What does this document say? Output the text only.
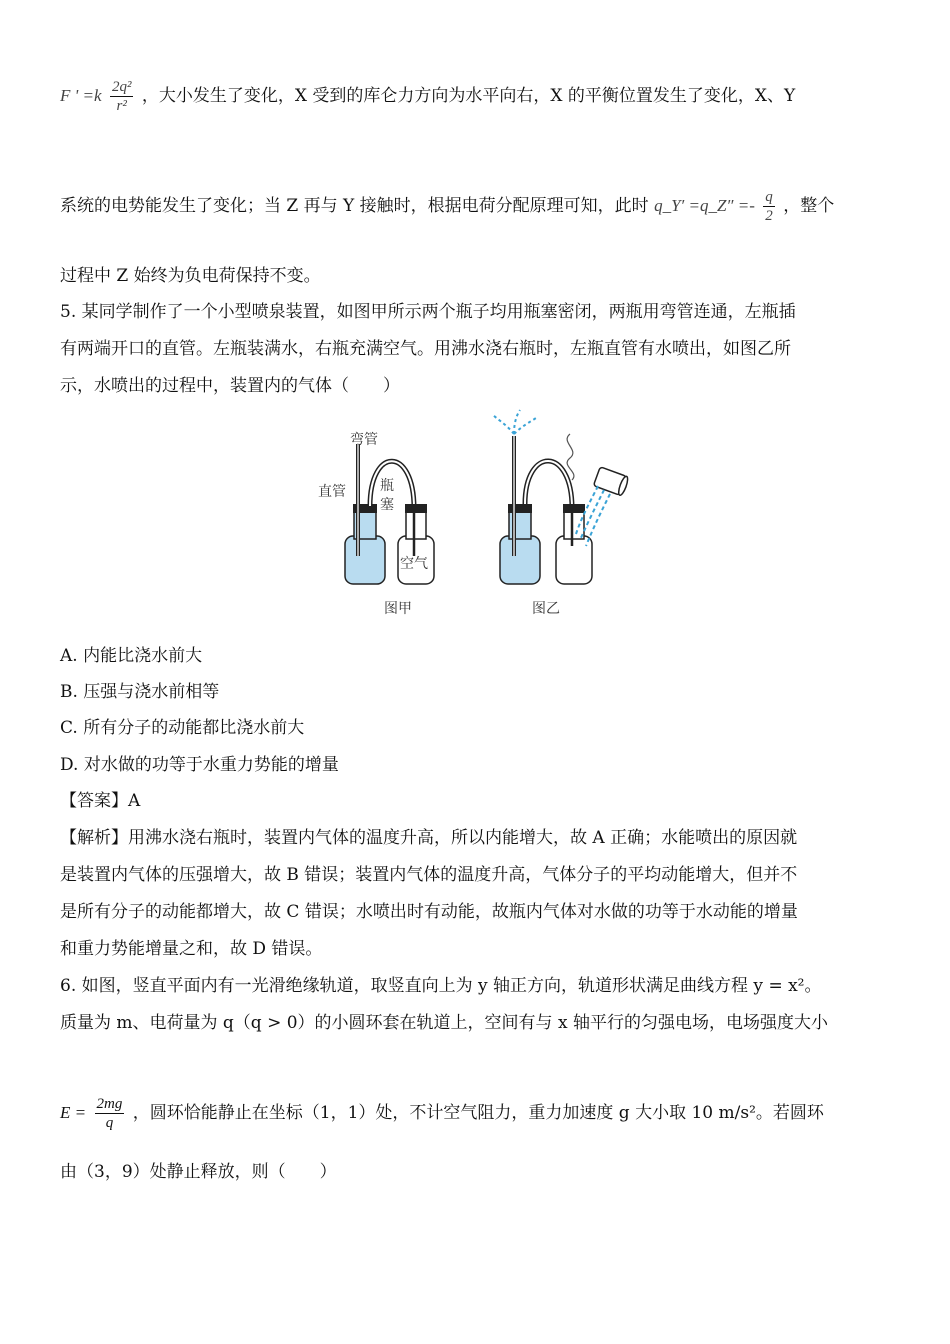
F ' $=k \frac{\text{2q²}}{\text{r²}}$ ，大小发生了变化，X 受到的库仑力方向为水平向右，X 的平衡位置发生了变化，X、Y
系统的电势能发生了变化；当 Z 再与 Y 接触时，根据电荷分配原理可知，此时 q_Y′ =q_Z″ =- $\frac{q}{2}$ ，整个
过程中 Z 始终为负电荷保持不变。
5. 某同学制作了一个小型喷泉装置，如图甲所示两个瓶子均用瓶塞密闭，两瓶用弯管连通，左瓶插
有两端开口的直管。左瓶装满水，右瓶充满空气。用沸水浇右瓶时，左瓶直管有水喷出，如图乙所
示，水喷出的过程中，装置内的气体（　　）
弯管
直管 瓶
塞
空气
图甲	图乙
A. 内能比浇水前大
B. 压强与浇水前相等
C. 所有分子的动能都比浇水前大
D. 对水做的功等于水重力势能的增量
【答案】A
【解析】用沸水浇右瓶时，装置内气体的温度升高，所以内能增大，故 A 正确；水能喷出的原因就
是装置内气体的压强增大，故 B 错误；装置内气体的温度升高，气体分子的平均动能增大，但并不
是所有分子的动能都增大，故 C 错误；水喷出时有动能，故瓶内气体对水做的功等于水动能的增量
和重力势能增量之和，故 D 错误。
6. 如图，竖直平面内有一光滑绝缘轨道，取竖直向上为 y 轴正方向，轨道形状满足曲线方程 y = x²。
质量为 m、电荷量为 q（q > 0）的小圆环套在轨道上，空间有与 x 轴平行的匀强电场，电场强度大小
$E = \frac{2mg}{q}$ ，圆环恰能静止在坐标（1，1）处，不计空气阻力，重力加速度 g 大小取 10 m/s²。若圆环
由（3，9）处静止释放，则（　　）
